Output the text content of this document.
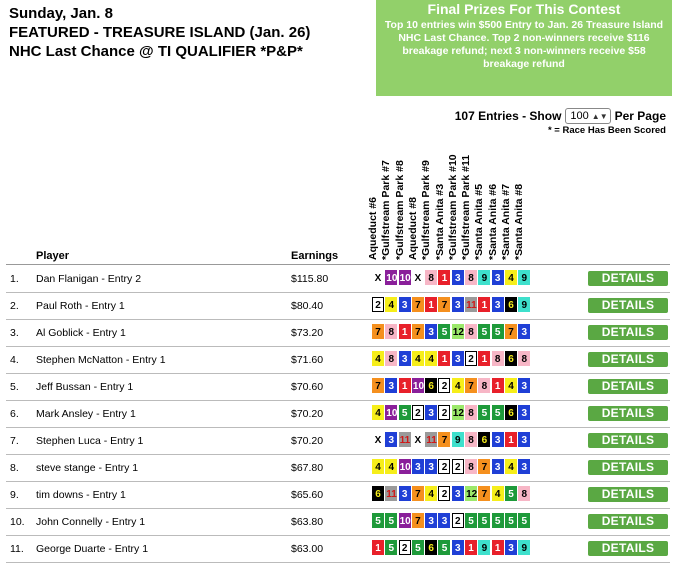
Sunday, Jan. 8
FEATURED - TREASURE ISLAND (Jan. 26)
NHC Last Chance @ TI QUALIFIER *P&P*
Final Prizes For This Contest
Top 10 entries win $500 Entry to Jan. 26 Treasure Island NHC Last Chance. Top 2 non-winners receive $116 breakage refund; next 3 non-winners receive $58 breakage refund
107 Entries - Show 100 ▲▼ Per Page
* = Race Has Been Scored
Aqueduct #6 *Gulfstream Park #7 *Gulfstream Park #8 Aqueduct #8 *Gulfstream Park #9 *Santa Anita #3 *Gulfstream Park #10 *Gulfstream Park #11 *Santa Anita #5 *Santa Anita #6 *Santa Anita #7 *Santa Anita #8
Player	Earnings
1. Dan Flanigan - Entry 2	$115.80	X 10 10 X 8 1 3 8 9 3 4 9	DETAILS
2. Paul Roth - Entry 1	$80.40	2 4 3 7 1 7 3 11 1 3 6 9	DETAILS
3. Al Goblick - Entry 1	$73.20	7 8 1 7 3 5 12 8 5 5 7 3	DETAILS
4. Stephen McNatton - Entry 1	$71.60	4 8 3 4 4 1 3 2 1 8 6 8	DETAILS
5. Jeff Bussan - Entry 1	$70.60	7 3 1 10 6 2 4 7 8 1 4 3	DETAILS
6. Mark Ansley - Entry 1	$70.20	4 10 5 2 3 2 12 8 5 5 6 3	DETAILS
7. Stephen Luca - Entry 1	$70.20	X 3 11 X 11 7 9 8 6 3 1 3	DETAILS
8. steve stange - Entry 1	$67.80	4 4 10 3 3 2 2 8 7 3 4 3	DETAILS
9. tim downs - Entry 1	$65.60	6 11 3 7 4 2 3 12 7 4 5 8	DETAILS
10. John Connelly - Entry 1	$63.80	5 5 10 7 3 3 2 5 5 5 5 5	DETAILS
11. George Duarte - Entry 1	$63.00	1 5 2 5 6 5 3 1 9 1 3 9	DETAILS
